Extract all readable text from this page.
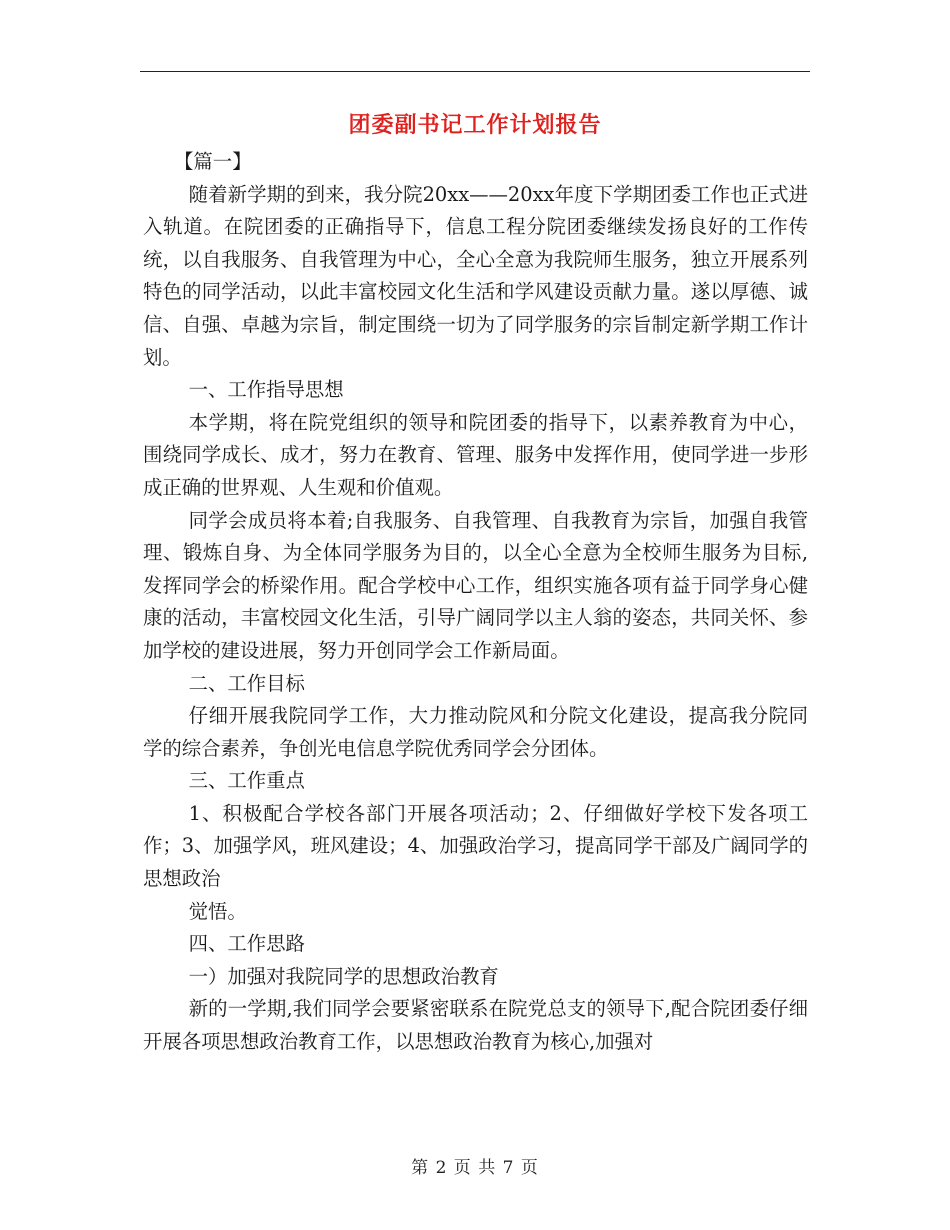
团委副书记工作计划报告

【篇一】

随着新学期的到来，我分院20xx——20xx年度下学期团委工作也正式进入轨道。在院团委的正确指导下，信息工程分院团委继续发扬良好的工作传统，以自我服务、自我管理为中心，全心全意为我院师生服务，独立开展系列特色的同学活动，以此丰富校园文化生活和学风建设贡献力量。遂以厚德、诚信、自强、卓越为宗旨，制定围绕一切为了同学服务的宗旨制定新学期工作计划。

一、工作指导思想

本学期，将在院党组织的领导和院团委的指导下，以素养教育为中心，围绕同学成长、成才，努力在教育、管理、服务中发挥作用，使同学进一步形成正确的世界观、人生观和价值观。

同学会成员将本着;自我服务、自我管理、自我教育为宗旨，加强自我管理、锻炼自身、为全体同学服务为目的，以全心全意为全校师生服务为目标,发挥同学会的桥梁作用。配合学校中心工作，组织实施各项有益于同学身心健康的活动，丰富校园文化生活，引导广阔同学以主人翁的姿态，共同关怀、参加学校的建设进展，努力开创同学会工作新局面。

二、工作目标

仔细开展我院同学工作，大力推动院风和分院文化建设，提高我分院同学的综合素养，争创光电信息学院优秀同学会分团体。

三、工作重点

1、积极配合学校各部门开展各项活动；2、仔细做好学校下发各项工作；3、加强学风，班风建设；4、加强政治学习，提高同学干部及广阔同学的思想政治

觉悟。

四、工作思路

一）加强对我院同学的思想政治教育

新的一学期,我们同学会要紧密联系在院党总支的领导下,配合院团委仔细开展各项思想政治教育工作，以思想政治教育为核心,加强对

第 2 页 共 7 页
